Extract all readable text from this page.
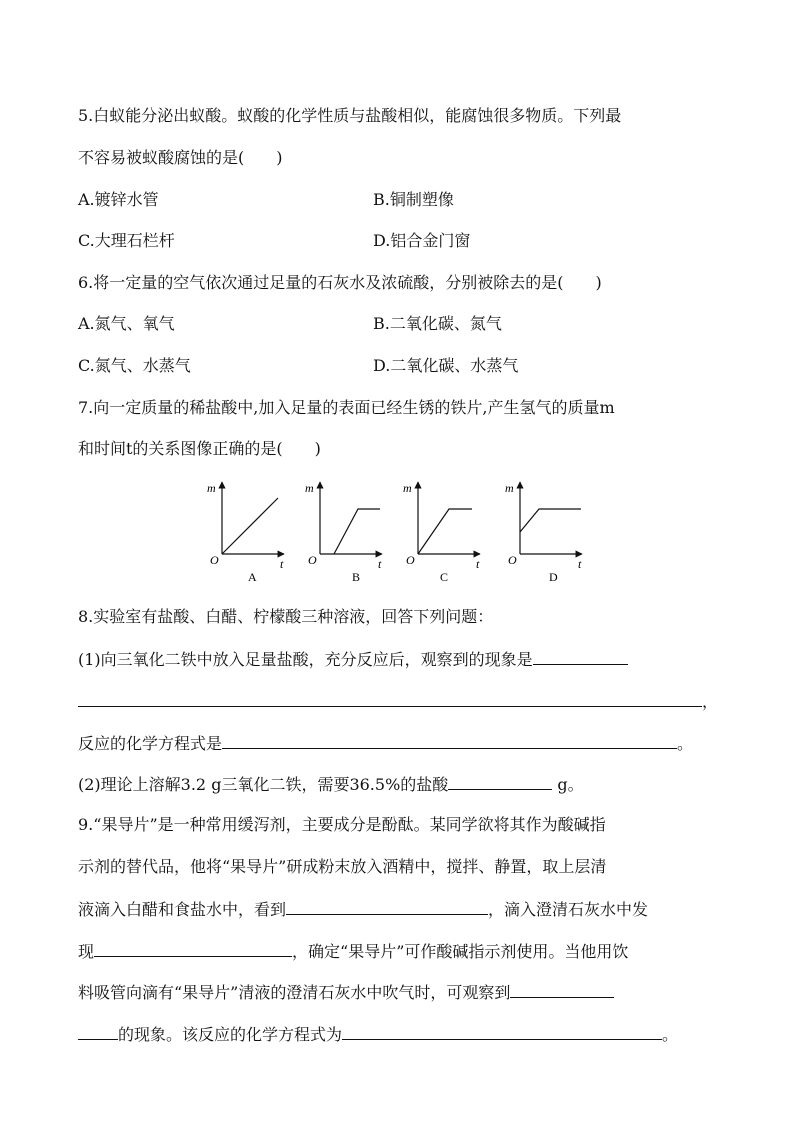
5.白蚁能分泌出蚁酸。蚁酸的化学性质与盐酸相似，能腐蚀很多物质。下列最
不容易被蚁酸腐蚀的是(　　)
A.镀锌水管	B.铜制塑像
C.大理石栏杆	D.铝合金门窗
6.将一定量的空气依次通过足量的石灰水及浓硫酸，分别被除去的是(　　)
A.氮气、氧气	B.二氧化碳、氮气
C.氮气、水蒸气	D.二氧化碳、水蒸气
7.向一定质量的稀盐酸中,加入足量的表面已经生锈的铁片,产生氢气的质量m
和时间t的关系图像正确的是(　　)
m
t
O
A
m
t
O
B
m
t
O
C
m
t
O
D
8.实验室有盐酸、白醋、柠檬酸三种溶液，回答下列问题：
(1)向三氧化二铁中放入足量盐酸，充分反应后，观察到的现象是
，
反应的化学方程式是	。
(2)理论上溶解3.2 g三氧化二铁，需要36.5%的盐酸	g。
9.“果导片”是一种常用缓泻剂，主要成分是酚酞。某同学欲将其作为酸碱指
示剂的替代品，他将“果导片”研成粉末放入酒精中，搅拌、静置，取上层清
液滴入白醋和食盐水中，看到	，滴入澄清石灰水中发
现	，确定“果导片”可作酸碱指示剂使用。当他用饮
料吸管向滴有“果导片”清液的澄清石灰水中吹气时，可观察到
的现象。该反应的化学方程式为	。
